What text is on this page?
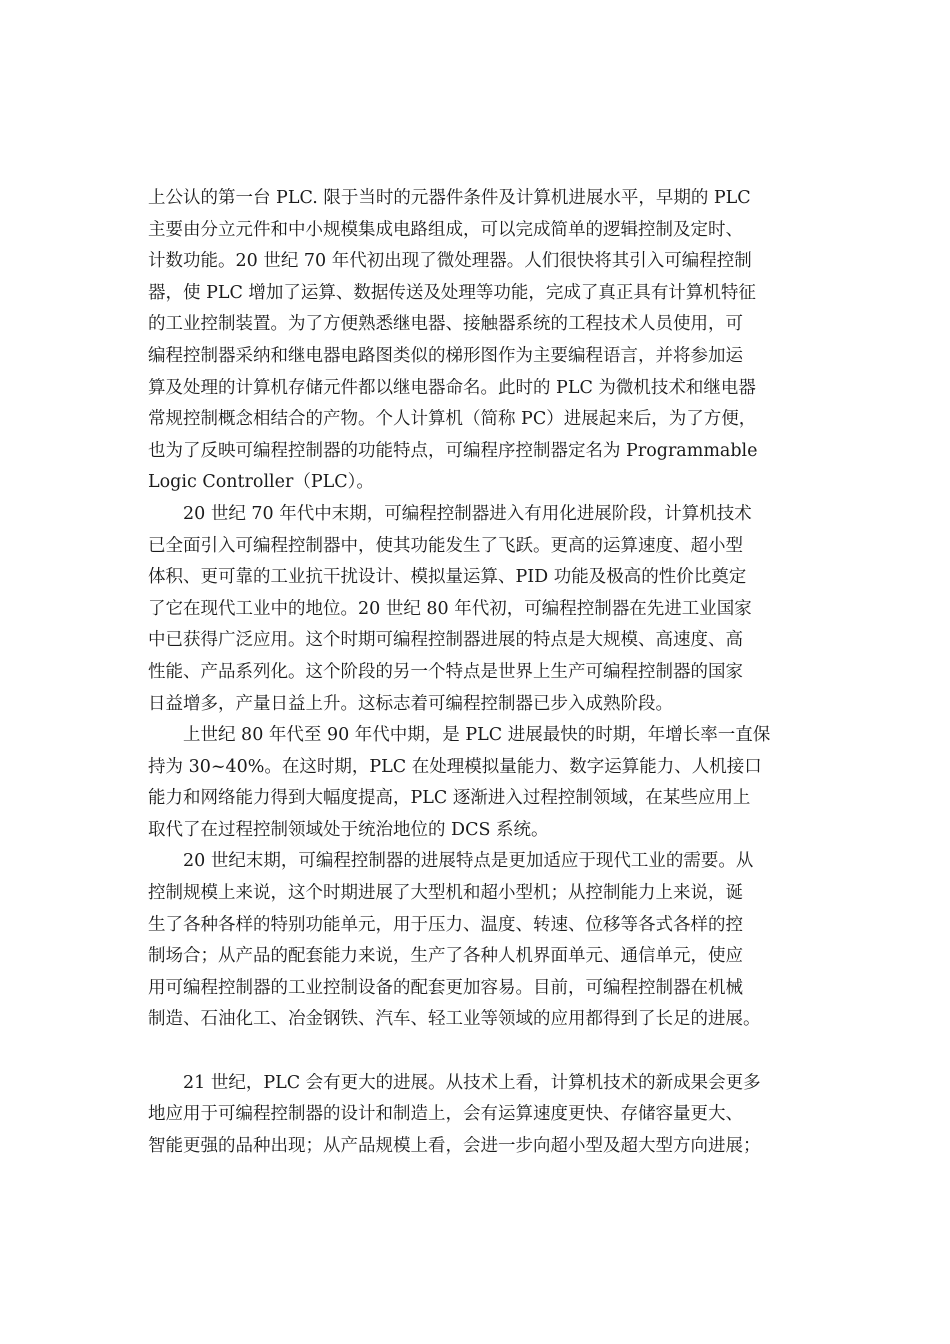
上公认的第一台 PLC. 限于当时的元器件条件及计算机进展水平，早期的 PLC
主要由分立元件和中小规模集成电路组成，可以完成简单的逻辑控制及定时、
计数功能。20 世纪 70 年代初出现了微处理器。人们很快将其引入可编程控制
器，使 PLC 增加了运算、数据传送及处理等功能，完成了真正具有计算机特征
的工业控制装置。为了方便熟悉继电器、接触器系统的工程技术人员使用，可
编程控制器采纳和继电器电路图类似的梯形图作为主要编程语言，并将参加运
算及处理的计算机存储元件都以继电器命名。此时的 PLC 为微机技术和继电器
常规控制概念相结合的产物。个人计算机（简称 PC）进展起来后，为了方便，
也为了反映可编程控制器的功能特点，可编程序控制器定名为 Programmable
Logic Controller（PLC）。
　　20 世纪 70 年代中末期，可编程控制器进入有用化进展阶段，计算机技术
已全面引入可编程控制器中，使其功能发生了飞跃。更高的运算速度、超小型
体积、更可靠的工业抗干扰设计、模拟量运算、PID 功能及极高的性价比奠定
了它在现代工业中的地位。20 世纪 80 年代初，可编程控制器在先进工业国家
中已获得广泛应用。这个时期可编程控制器进展的特点是大规模、高速度、高
性能、产品系列化。这个阶段的另一个特点是世界上生产可编程控制器的国家
日益增多，产量日益上升。这标志着可编程控制器已步入成熟阶段。
　　上世纪 80 年代至 90 年代中期，是 PLC 进展最快的时期，年增长率一直保
持为 30~40%。在这时期，PLC 在处理模拟量能力、数字运算能力、人机接口
能力和网络能力得到大幅度提高，PLC 逐渐进入过程控制领域，在某些应用上
取代了在过程控制领域处于统治地位的 DCS 系统。
　　20 世纪末期，可编程控制器的进展特点是更加适应于现代工业的需要。从
控制规模上来说，这个时期进展了大型机和超小型机；从控制能力上来说，诞
生了各种各样的特别功能单元，用于压力、温度、转速、位移等各式各样的控
制场合；从产品的配套能力来说，生产了各种人机界面单元、通信单元，使应
用可编程控制器的工业控制设备的配套更加容易。目前，可编程控制器在机械
制造、石油化工、冶金钢铁、汽车、轻工业等领域的应用都得到了长足的进展。
　　21 世纪，PLC 会有更大的进展。从技术上看，计算机技术的新成果会更多
地应用于可编程控制器的设计和制造上，会有运算速度更快、存储容量更大、
智能更强的品种出现；从产品规模上看，会进一步向超小型及超大型方向进展；
